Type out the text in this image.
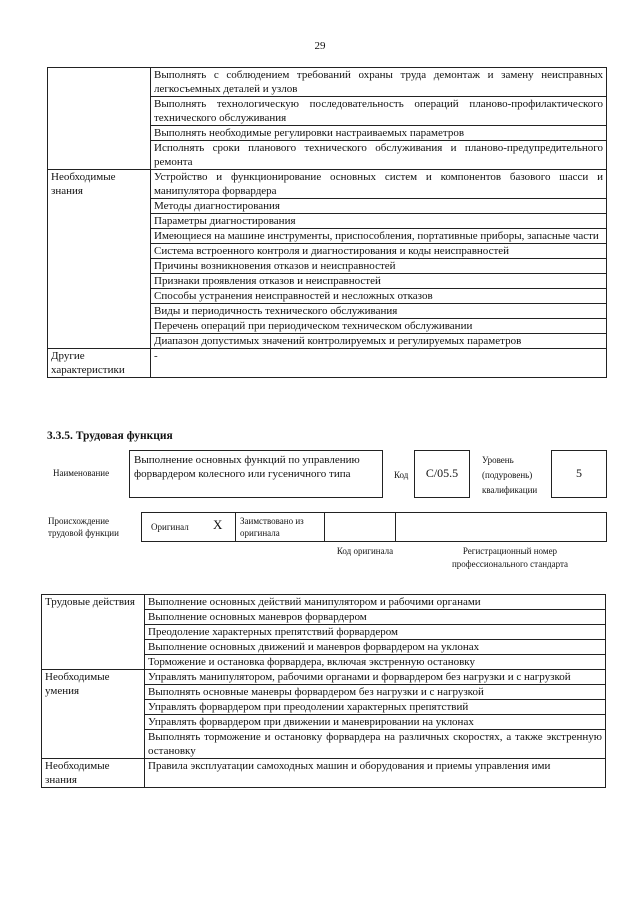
29
	Выполнять с соблюдением требований охраны труда демонтаж и замену неисправных легкосъемных деталей и узлов
	Выполнять технологическую последовательность операций планово-профилактического технического обслуживания
	Выполнять необходимые регулировки настраиваемых параметров
	Исполнять сроки планового технического обслуживания и планово-предупредительного ремонта
Необходимые знания	Устройство и функционирование основных систем и компонентов базового шасси и манипулятора форвардера
	Методы диагностирования
	Параметры диагностирования
	Имеющиеся на машине инструменты, приспособления, портативные приборы, запасные части
	Система встроенного контроля и диагностирования и коды неисправностей
	Причины возникновения отказов и неисправностей
	Признаки проявления отказов и неисправностей
	Способы устранения неисправностей и несложных отказов
	Виды и периодичность технического обслуживания
	Перечень операций при периодическом техническом обслуживании
	Диапазон допустимых значений контролируемых и регулируемых параметров
Другие характеристики	-
3.3.5. Трудовая функция
Наименование
Выполнение основных функций по управлению форвардером колесного или гусеничного типа	Код	C/05.5
Уровень (подуровень) квалификации
5
Происхождение трудовой функции
Оригинал X Заимствовано из оригинала
Код оригинала	Регистрационный номер профессионального стандарта
Трудовые действия	Выполнение основных действий манипулятором и рабочими органами
	Выполнение основных маневров форвардером
	Преодоление характерных препятствий форвардером
	Выполнение основных движений и маневров форвардером на уклонах
	Торможение и остановка форвардера, включая экстренную остановку
Необходимые умения	Управлять манипулятором, рабочими органами и форвардером без нагрузки и с нагрузкой
	Выполнять основные маневры форвардером без нагрузки и с нагрузкой
	Управлять форвардером при преодолении характерных препятствий
	Управлять форвардером при движении и маневрировании на уклонах
	Выполнять торможение и остановку форвардера на различных скоростях, а также экстренную остановку
Необходимые знания	Правила эксплуатации самоходных машин и оборудования и приемы управления ими
